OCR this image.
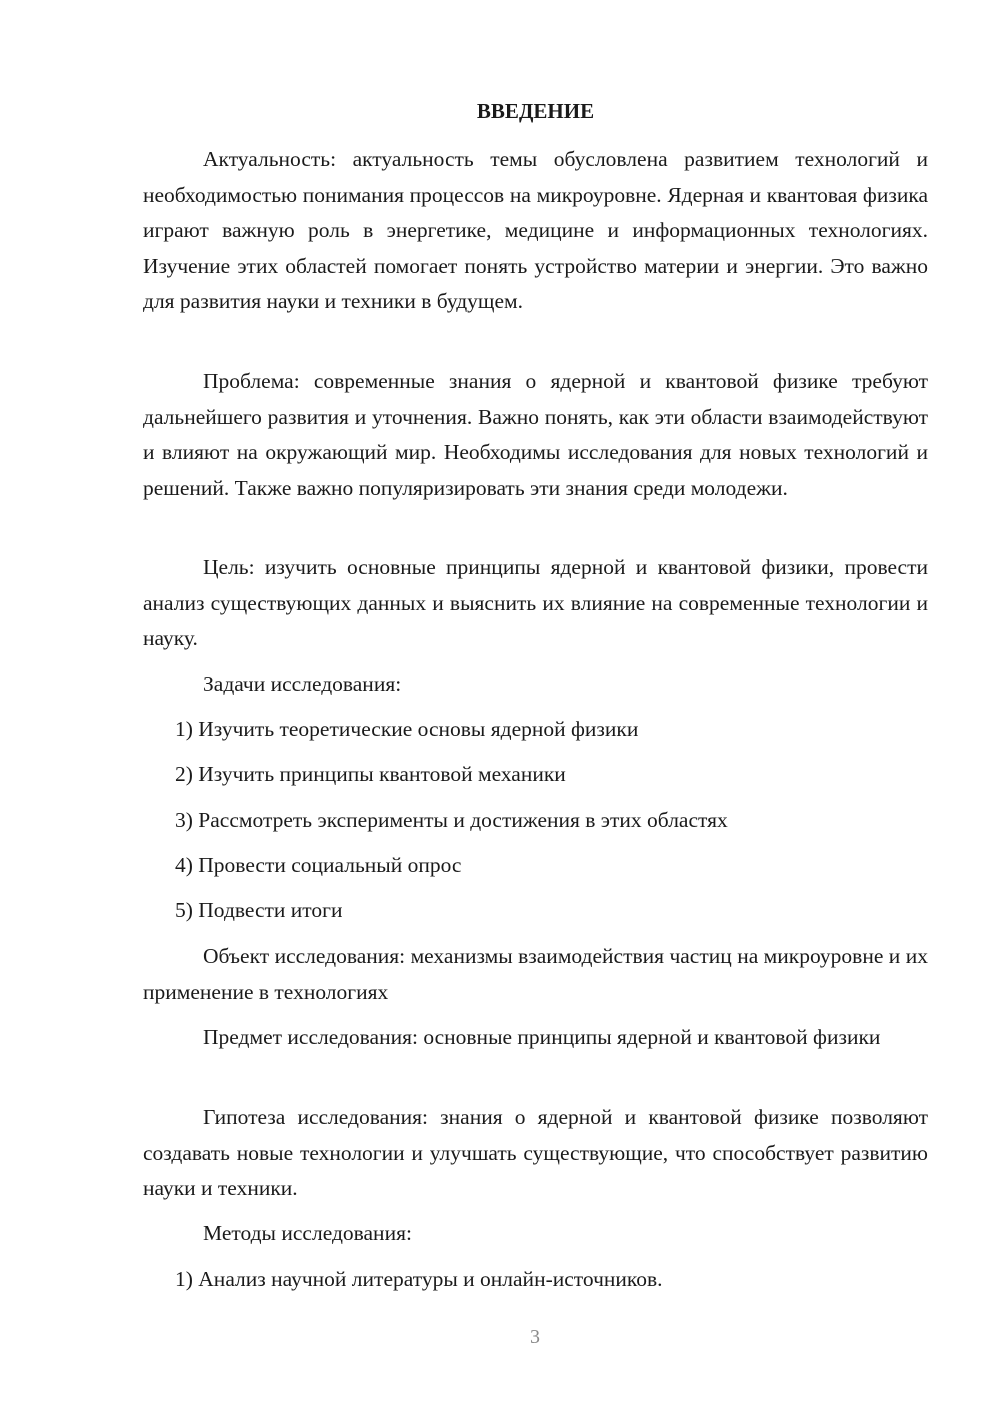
ВВЕДЕНИЕ

Актуальность: актуальность темы обусловлена развитием технологий и необходимостью понимания процессов на микроуровне. Ядерная и квантовая физика играют важную роль в энергетике, медицине и информационных технологиях. Изучение этих областей помогает понять устройство материи и энергии. Это важно для развития науки и техники в будущем.

Проблема: современные знания о ядерной и квантовой физике требуют дальнейшего развития и уточнения. Важно понять, как эти области взаимодействуют и влияют на окружающий мир. Необходимы исследования для новых технологий и решений. Также важно популяризировать эти знания среди молодежи.

Цель: изучить основные принципы ядерной и квантовой физики, провести анализ существующих данных и выяснить их влияние на современные технологии и науку.

Задачи исследования:

1) Изучить теоретические основы ядерной физики

2) Изучить принципы квантовой механики

3) Рассмотреть эксперименты и достижения в этих областях

4) Провести социальный опрос

5) Подвести итоги

Объект исследования: механизмы взаимодействия частиц на микроуровне и их применение в технологиях

Предмет исследования: основные принципы ядерной и квантовой физики

Гипотеза исследования: знания о ядерной и квантовой физике позволяют создавать новые технологии и улучшать существующие, что способствует развитию науки и техники.

Методы исследования:

1) Анализ научной литературы и онлайн-источников.

3
